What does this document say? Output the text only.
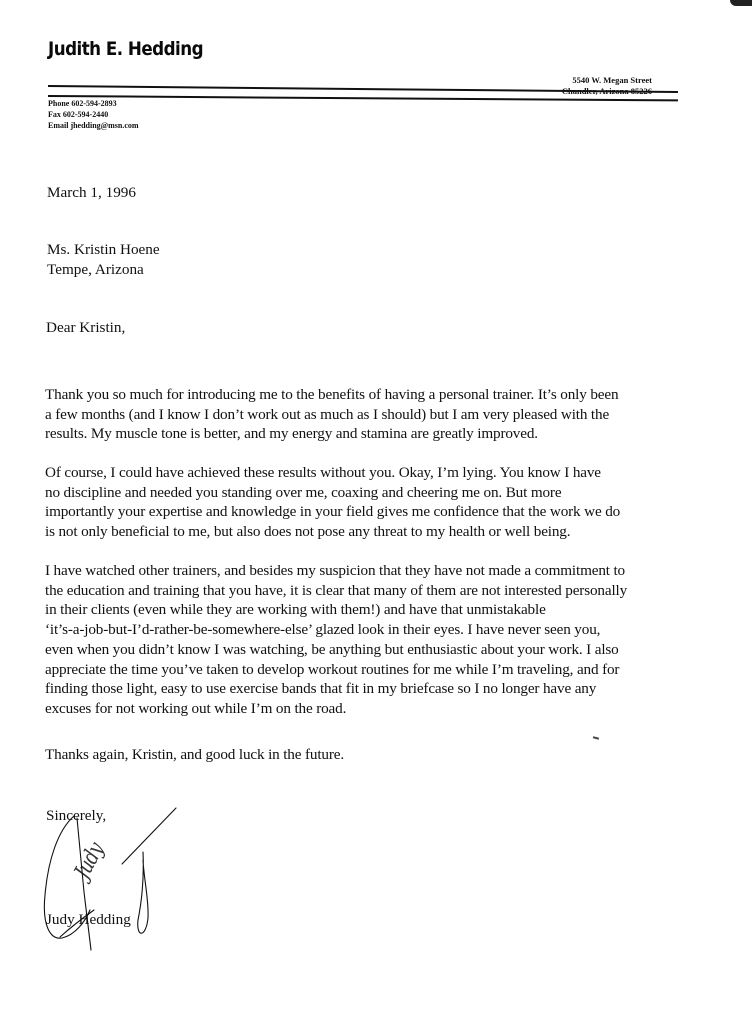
Judith E. Hedding
5540 W. Megan Street
Chandler, Arizona 85226
Phone 602-594-2893
Fax 602-594-2440
Email jhedding@msn.com
March 1, 1996
Ms. Kristin Hoene
Tempe, Arizona
Dear Kristin,

Thank you so much for introducing me to the benefits of having a personal trainer. It’s only been
a few months (and I know I don’t work out as much as I should) but I am very pleased with the
results. My muscle tone is better, and my energy and stamina are greatly improved.

Of course, I could have achieved these results without you. Okay, I’m lying. You know I have
no discipline and needed you standing over me, coaxing and cheering me on. But more
importantly your expertise and knowledge in your field gives me confidence that the work we do
is not only beneficial to me, but also does not pose any threat to my health or well being.

I have watched other trainers, and besides my suspicion that they have not made a commitment to
the education and training that you have, it is clear that many of them are not interested personally
in their clients (even while they are working with them!) and have that unmistakable
‘it’s-a-job-but-I’d-rather-be-somewhere-else’ glazed look in their eyes. I have never seen you,
even when you didn’t know I was watching, be anything but enthusiastic about your work. I also
appreciate the time you’ve taken to develop workout routines for me while I’m traveling, and for
finding those light, easy to use exercise bands that fit in my briefcase so I no longer have any
excuses for not working out while I’m on the road.

Thanks again, Kristin, and good luck in the future.

Sincerely,
Judy
Judy Hedding
